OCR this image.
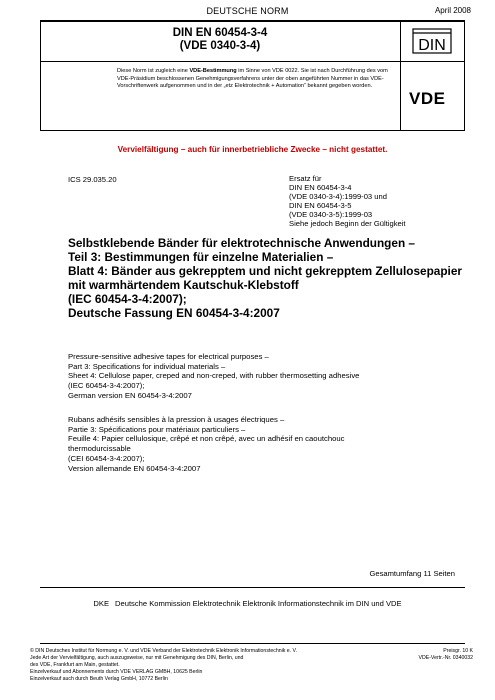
DEUTSCHE NORM	April 2008
DIN EN 60454-3-4
(VDE 0340-3-4)	DIN
VDE
Diese Norm ist zugleich eine VDE-Bestimmung im Sinne von VDE 0022. Sie ist nach Durchführung des vom VDE-Präsidium beschlossenen Genehmigungsverfahrens unter der oben angeführten Nummer in das VDE-Vorschriftenwerk aufgenommen und in der „etz Elektrotechnik + Automation“ bekannt gegeben worden.
Vervielfältigung – auch für innerbetriebliche Zwecke – nicht gestattet.
ICS 29.035.20	Ersatz für
DIN EN 60454-3-4
(VDE 0340-3-4):1999-03 und
DIN EN 60454-3-5
(VDE 0340-3-5):1999-03
Siehe jedoch Beginn der Gültigkeit
Selbstklebende Bänder für elektrotechnische Anwendungen –
Teil 3: Bestimmungen für einzelne Materialien –
Blatt 4: Bänder aus gekrepptem und nicht gekrepptem Zellulosepapier
mit warmhärtendem Kautschuk-Klebstoff
(IEC 60454-3-4:2007);
Deutsche Fassung EN 60454-3-4:2007
Pressure-sensitive adhesive tapes for electrical purposes –
Part 3: Specifications for individual materials –
Sheet 4: Cellulose paper, creped and non-creped, with rubber thermosetting adhesive
(IEC 60454-3-4:2007);
German version EN 60454-3-4:2007
Rubans adhésifs sensibles à la pression à usages électriques –
Partie 3: Spécifications pour matériaux particuliers –
Feuille 4: Papier cellulosique, crêpé et non crêpé, avec un adhésif en caoutchouc
thermodurcissable
(CEI 60454-3-4:2007);
Version allemande EN 60454-3-4:2007
Gesamtumfang 11 Seiten
DKE Deutsche Kommission Elektrotechnik Elektronik Informationstechnik im DIN und VDE
© DIN Deutsches Institut für Normung e. V. und VDE Verband der Elektrotechnik Elektronik Informationstechnik e. V.
Jede Art der Vervielfältigung, auch auszugsweise, nur mit Genehmigung des DIN, Berlin, und
des VDE, Frankfurt am Main, gestattet.
Einzelverkauf und Abonnements durch VDE VERLAG GMBH, 10625 Berlin
Einzelverkauf auch durch Beuth Verlag GmbH, 10772 Berlin
Preisgr. 10 K
VDE-Vertr.-Nr. 0340032
